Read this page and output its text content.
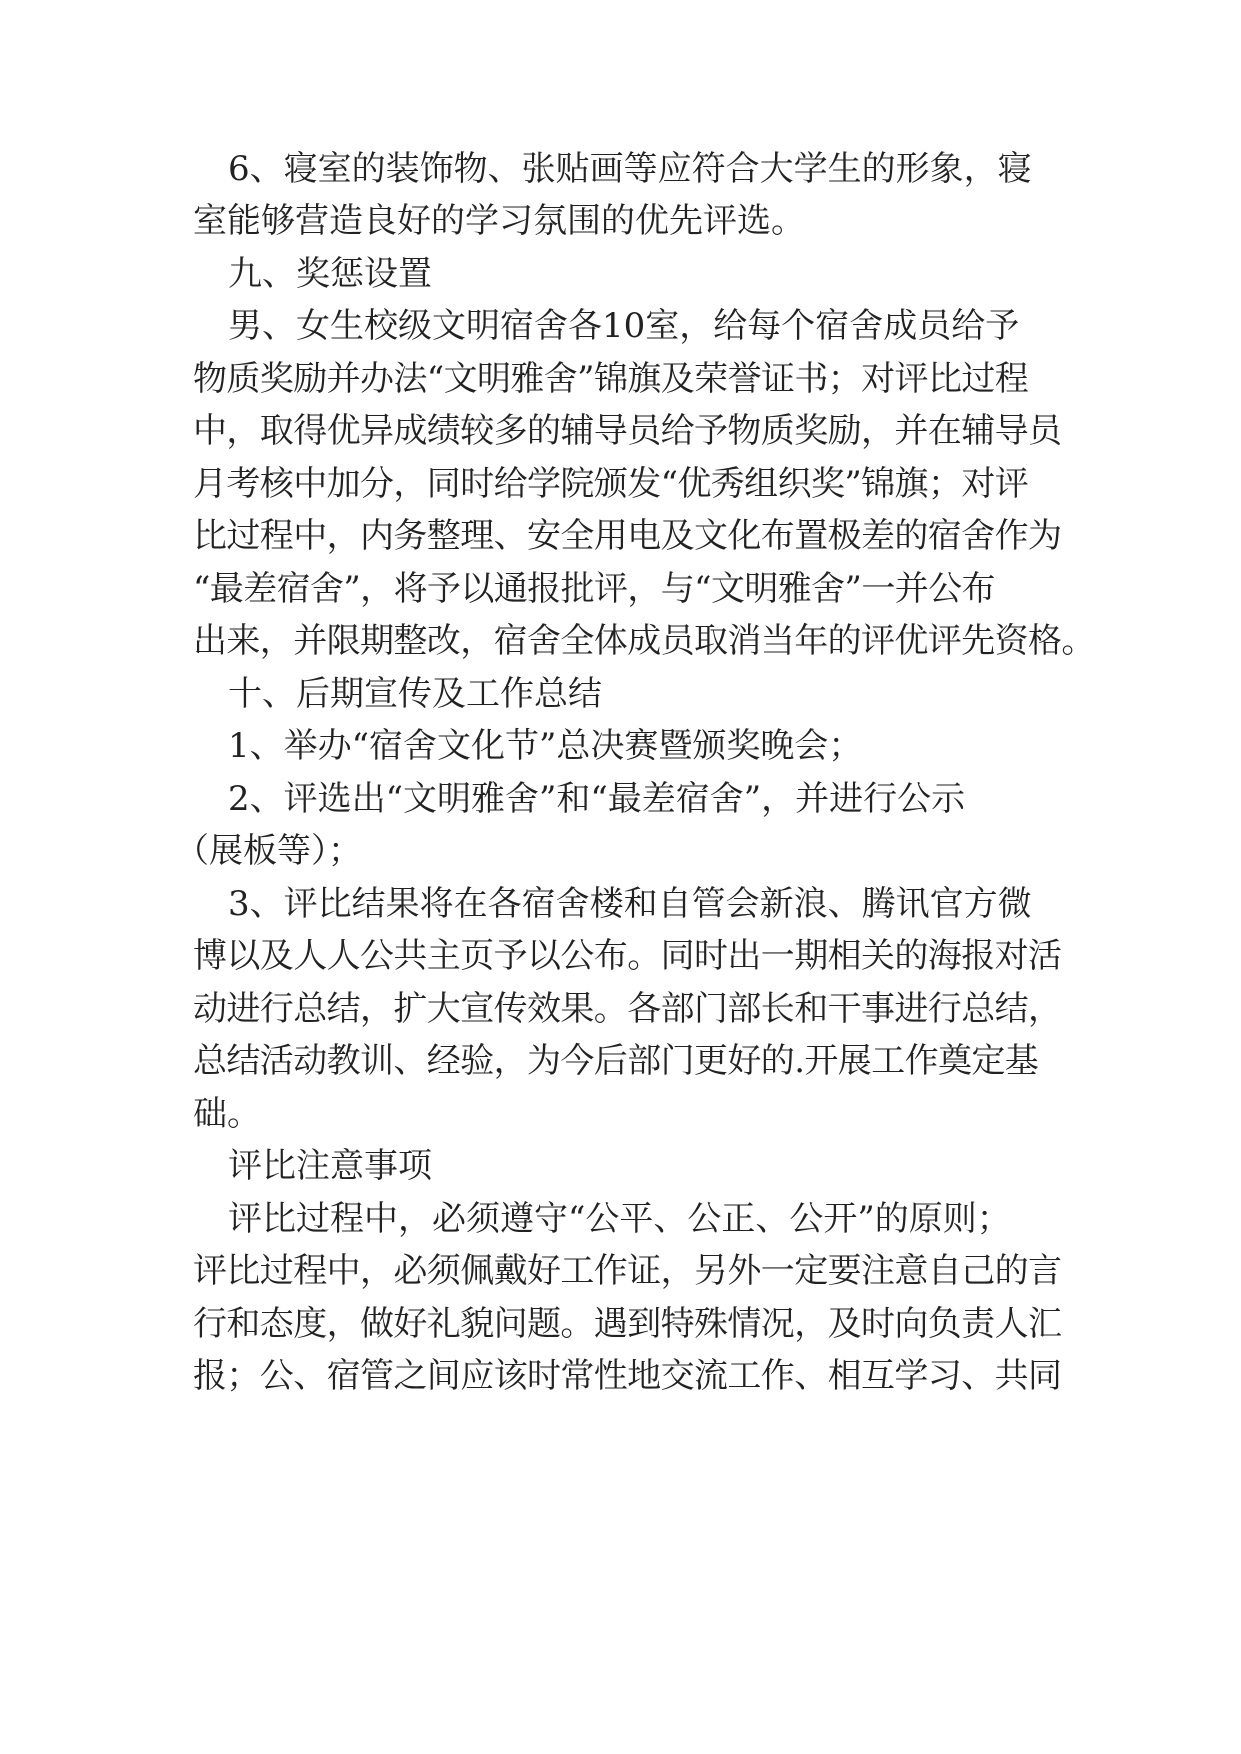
6、寝室的装饰物、张贴画等应符合大学生的形象，寝

室能够营造良好的学习氛围的优先评选。

九、奖惩设置

男、女生校级文明宿舍各10室，给每个宿舍成员给予

物质奖励并办法“文明雅舍”锦旗及荣誉证书；对评比过程

中，取得优异成绩较多的辅导员给予物质奖励，并在辅导员

月考核中加分，同时给学院颁发“优秀组织奖”锦旗；对评

比过程中，内务整理、安全用电及文化布置极差的宿舍作为

“最差宿舍”，将予以通报批评，与“文明雅舍”一并公布

出来，并限期整改，宿舍全体成员取消当年的评优评先资格。

十、后期宣传及工作总结

1、举办“宿舍文化节”总决赛暨颁奖晚会；

2、评选出“文明雅舍”和“最差宿舍”，并进行公示

（展板等）；

3、评比结果将在各宿舍楼和自管会新浪、腾讯官方微

博以及人人公共主页予以公布。同时出一期相关的海报对活

动进行总结，扩大宣传效果。各部门部长和干事进行总结，

总结活动教训、经验，为今后部门更好的.开展工作奠定基

础。

评比注意事项

评比过程中，必须遵守“公平、公正、公开”的原则；

评比过程中，必须佩戴好工作证，另外一定要注意自己的言

行和态度，做好礼貌问题。遇到特殊情况，及时向负责人汇

报；公、宿管之间应该时常性地交流工作、相互学习、共同
